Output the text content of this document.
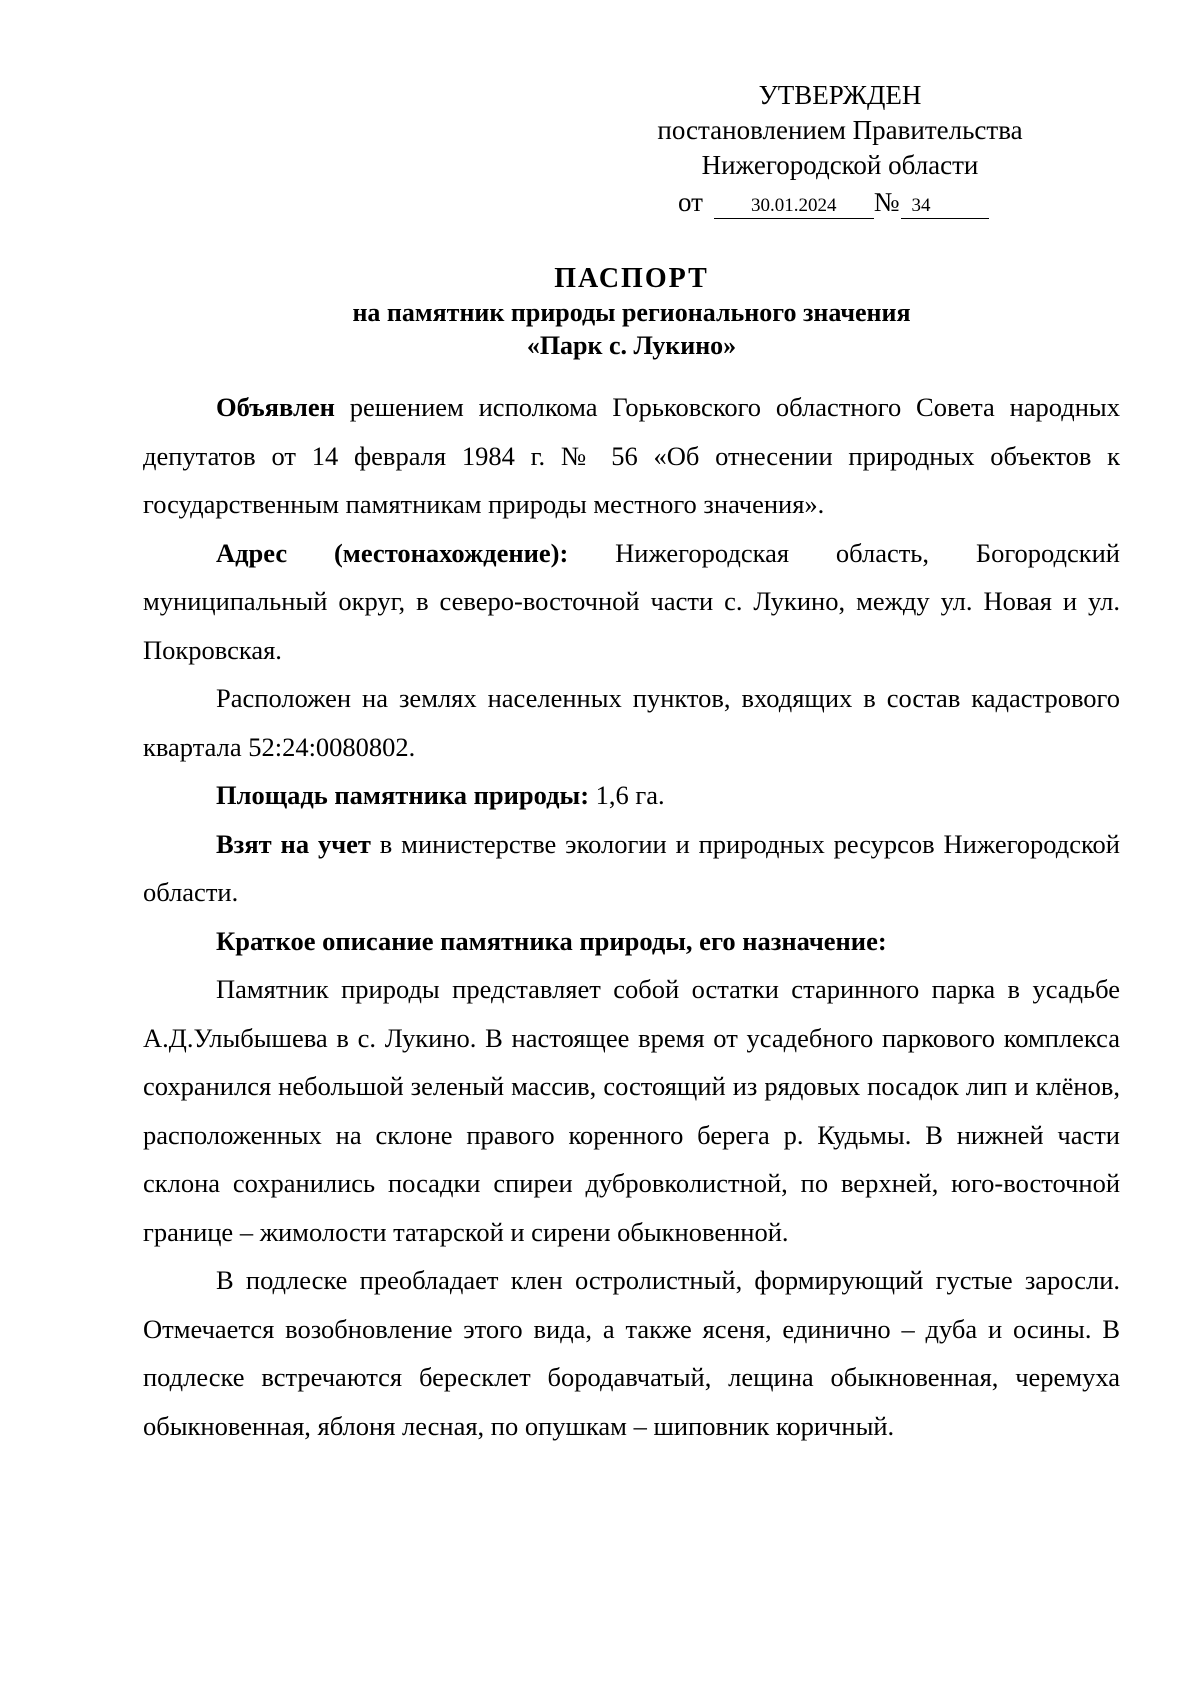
УТВЕРЖДЕН
постановлением Правительства
Нижегородской области
от	30.01.2024 № 34
ПАСПОРТ
на памятник природы регионального значения
«Парк с. Лукино»

Объявлен решением исполкома Горьковского областного Совета народных депутатов от 14 февраля 1984 г. № 56 «Об отнесении природных объектов к государственным памятникам природы местного значения».

Адрес (местонахождение): Нижегородская область, Богородский муниципальный округ, в северо-восточной части с. Лукино, между ул. Новая и ул. Покровская.

Расположен на землях населенных пунктов, входящих в состав кадастрового квартала 52:24:0080802.

Площадь памятника природы: 1,6 га.

Взят на учет в министерстве экологии и природных ресурсов Нижегородской области.

Краткое описание памятника природы, его назначение:

Памятник природы представляет собой остатки старинного парка в усадьбе А.Д.Улыбышева в с. Лукино. В настоящее время от усадебного паркового комплекса сохранился небольшой зеленый массив, состоящий из рядовых посадок лип и клёнов, расположенных на склоне правого коренного берега р. Кудьмы. В нижней части склона сохранились посадки спиреи дубровколистной, по верхней, юго-восточной границе – жимолости татарской и сирени обыкновенной.

В подлеске преобладает клен остролистный, формирующий густые заросли. Отмечается возобновление этого вида, а также ясеня, единично – дуба и осины. В подлеске встречаются бересклет бородавчатый, лещина обыкновенная, черемуха обыкновенная, яблоня лесная, по опушкам – шиповник коричный.
